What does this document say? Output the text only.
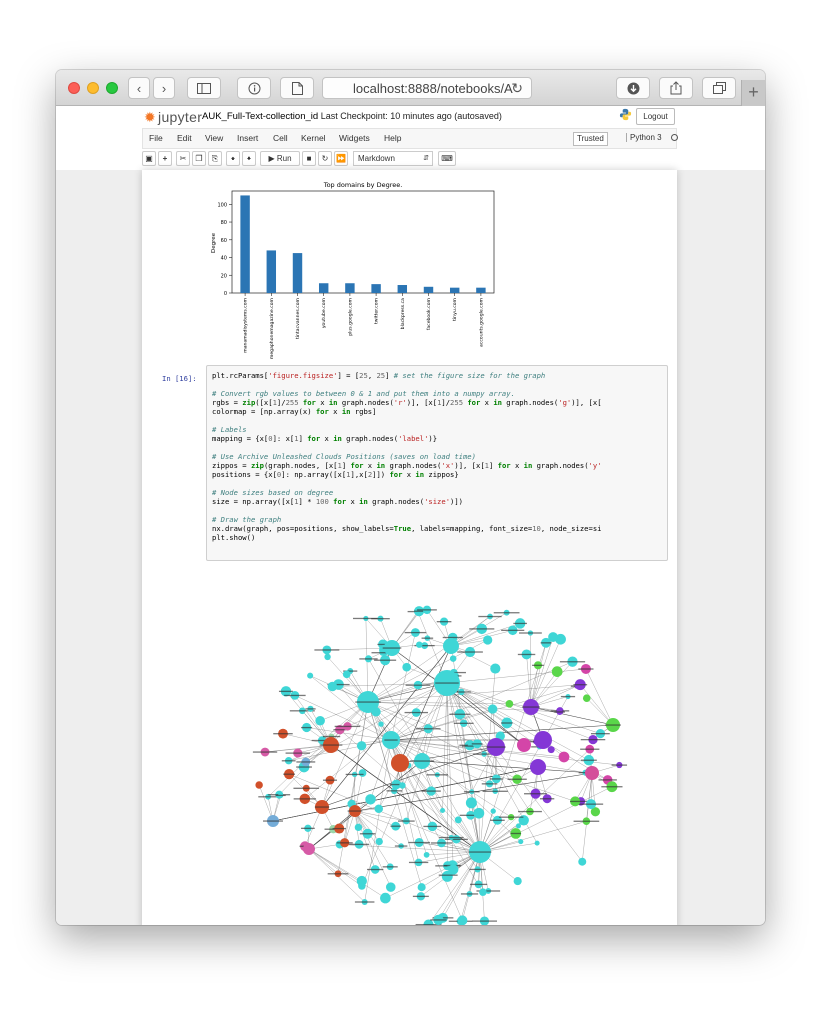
‹ ›	localhost:8888/notebooks/A
↻	+
✹ jupyter AUK_Full-Text-collection_id Last Checkpoint: 10 minutes ago (autosaved)	Logout
File Edit View Insert Cell Kernel Widgets Help	Trusted	Python 3
▣	+	✂	❐	⎘	🠹	🠻	▶ Run	■	↻ ⏩	Markdown	⇵	⌨
Top domains by Degree.
Degree
0
20
40
60
80
100
manamadisystems.com	megaphonemagazine.com	tintacvannes.com	youtube.com	plus.google.com	twitter.com	blackpress.ca	facebook.com	tinyu.com	accounts.google.com
In [16]: plt.rcParams['figure.figsize'] = [25, 25] # set the figure size for the graph

# Convert rgb values to between 0 & 1 and put them into a numpy array.
rgbs = zip([x[1]/255 for x in graph.nodes('r')], [x[1]/255 for x in graph.nodes('g')], [x[
colormap = [np.array(x) for x in rgbs]

# Labels
mapping = {x[0]: x[1] for x in graph.nodes('label')}

# Use Archive Unleashed Clouds Positions (saves on load time)
zippos = zip(graph.nodes, [x[1] for x in graph.nodes('x')], [x[1] for x in graph.nodes('y'
positions = {x[0]: np.array([x[1],x[2]]) for x in zippos}

# Node sizes based on degree
size = np.array([x[1] * 100 for x in graph.nodes('size')])

# Draw the graph
nx.draw(graph, pos=positions, show_labels=True, labels=mapping, font_size=10, node_size=si
plt.show()
